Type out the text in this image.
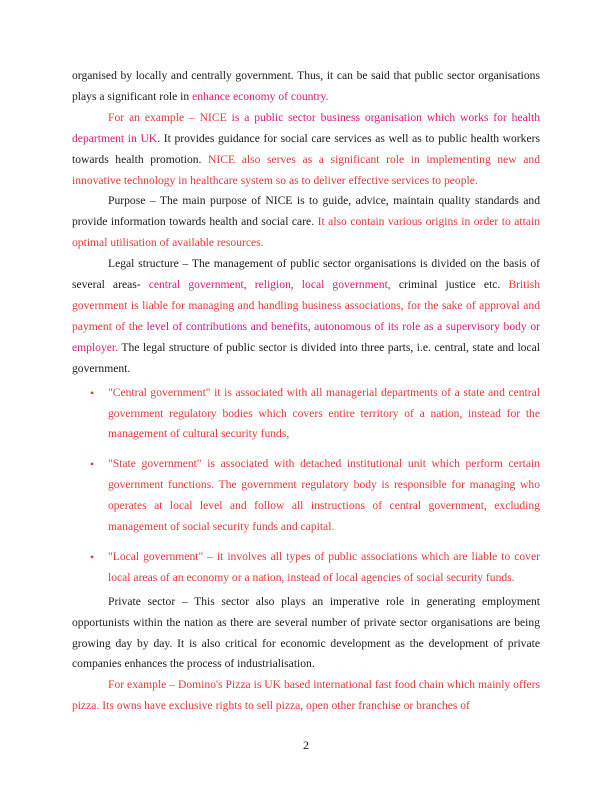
organised by locally and centrally government. Thus, it can be said that public sector organisations plays a significant role in enhance economy of country.

For an example – NICE is a public sector business organisation which works for health department in UK. It provides guidance for social care services as well as to public health workers towards health promotion. NICE also serves as a significant role in implementing new and innovative technology in healthcare system so as to deliver effective services to people.

Purpose – The main purpose of NICE is to guide, advice, maintain quality standards and provide information towards health and social care. It also contain various origins in order to attain optimal utilisation of available resources.

Legal structure – The management of public sector organisations is divided on the basis of several areas- central government, religion, local government, criminal justice etc. British government is liable for managing and handling business associations, for the sake of approval and payment of the level of contributions and benefits, autonomous of its role as a supervisory body or employer. The legal structure of public sector is divided into three parts, i.e. central, state and local government.

• "Central government" it is associated with all managerial departments of a state and central government regulatory bodies which covers entire territory of a nation, instead for the management of cultural security funds,
• "State government" is associated with detached institutional unit which perform certain government functions. The government regulatory body is responsible for managing who operates at local level and follow all instructions of central government, excluding management of social security funds and capital.
• "Local government" – it involves all types of public associations which are liable to cover local areas of an economy or a nation, instead of local agencies of social security funds.

Private sector – This sector also plays an imperative role in generating employment opportunists within the nation as there are several number of private sector organisations are being growing day by day. It is also critical for economic development as the development of private companies enhances the process of industrialisation.

For example – Domino's Pizza is UK based international fast food chain which mainly offers pizza. Its owns have exclusive rights to sell pizza, open other franchise or branches of

2
